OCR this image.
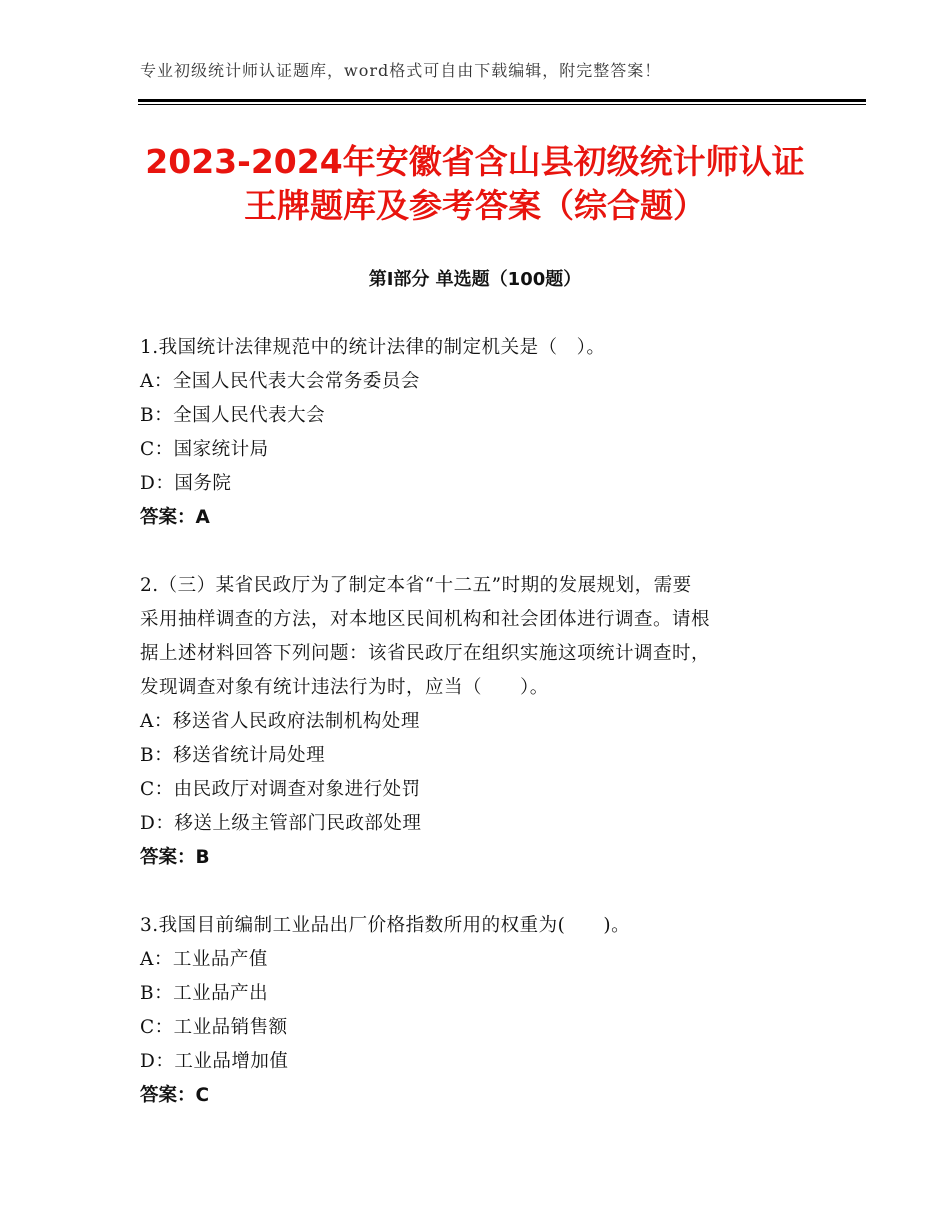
专业初级统计师认证题库，word格式可自由下载编辑，附完整答案！
2023-2024年安徽省含山县初级统计师认证
王牌题库及参考答案（综合题）
第Ⅰ部分 单选题（100题）
1.我国统计法律规范中的统计法律的制定机关是（　）。
A：全国人民代表大会常务委员会
B：全国人民代表大会
C：国家统计局
D：国务院
答案：A
2.（三）某省民政厅为了制定本省“十二五”时期的发展规划，需要
采用抽样调查的方法，对本地区民间机构和社会团体进行调查。请根
据上述材料回答下列问题：该省民政厅在组织实施这项统计调查时，
发现调查对象有统计违法行为时，应当（　　）。
A：移送省人民政府法制机构处理
B：移送省统计局处理
C：由民政厅对调查对象进行处罚
D：移送上级主管部门民政部处理
答案：B
3.我国目前编制工业品出厂价格指数所用的权重为(　　)。
A：工业品产值
B：工业品产出
C：工业品销售额
D：工业品增加值
答案：C
